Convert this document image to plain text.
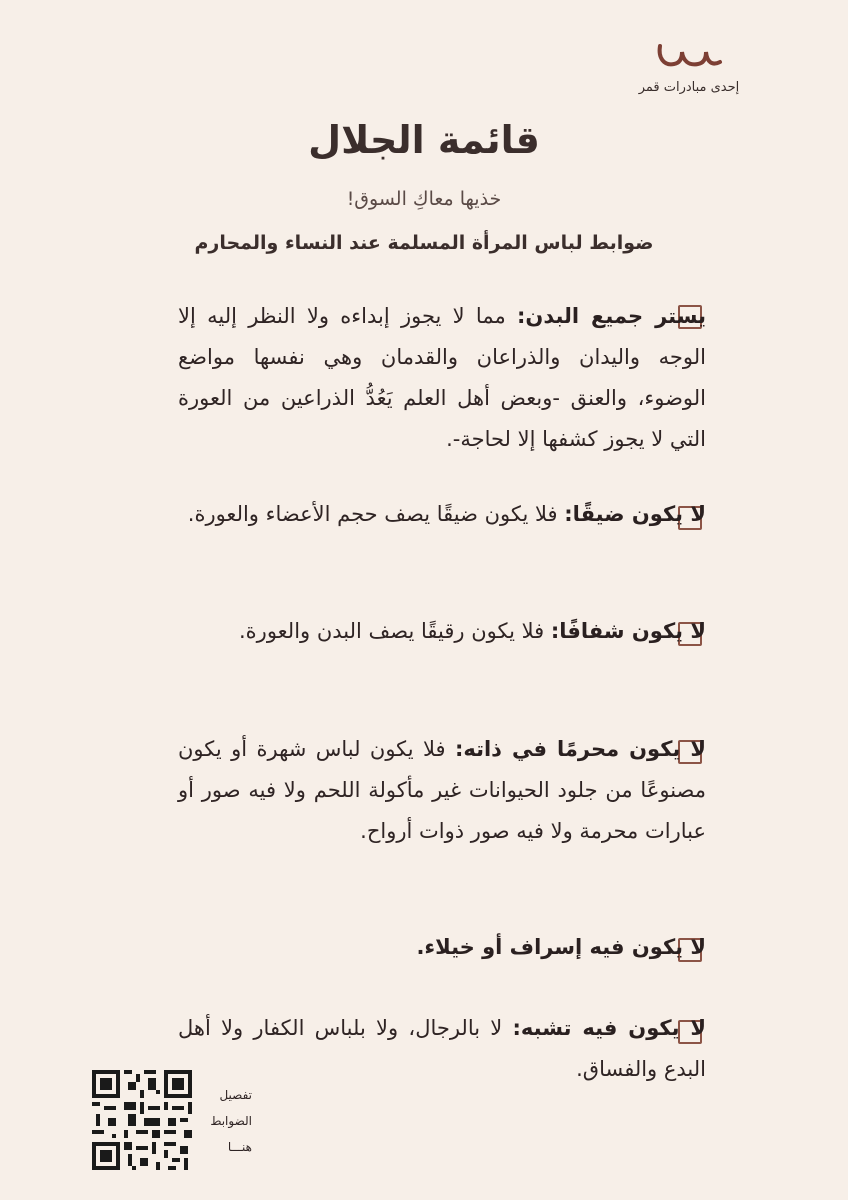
إحدى مبادرات قمر
قائمة الجلال
خذيها معاكِ السوق!
ضوابط لباس المرأة المسلمة عند النساء والمحارم
يستر جميع البدن: مما لا يجوز إبداءه ولا النظر إليه إلا الوجه واليدان والذراعان والقدمان وهي نفسها مواضع الوضوء، والعنق -وبعض أهل العلم يَعُدُّ الذراعين من العورة التي لا يجوز كشفها إلا لحاجة-.
لا يكون ضيقًا: فلا يكون ضيقًا يصف حجم الأعضاء والعورة.
لا يكون شفافًا: فلا يكون رقيقًا يصف البدن والعورة.
لا يكون محرمًا في ذاته: فلا يكون لباس شهرة أو يكون مصنوعًا من جلود الحيوانات غير مأكولة اللحم ولا فيه صور أو عبارات محرمة ولا فيه صور ذوات أرواح.
لا يكون فيه إسراف أو خيلاء.
لا يكون فيه تشبه: لا بالرجال، ولا بلباس الكفار ولا أهل البدع والفساق.
تفصيل
الضوابط
هنـــا
